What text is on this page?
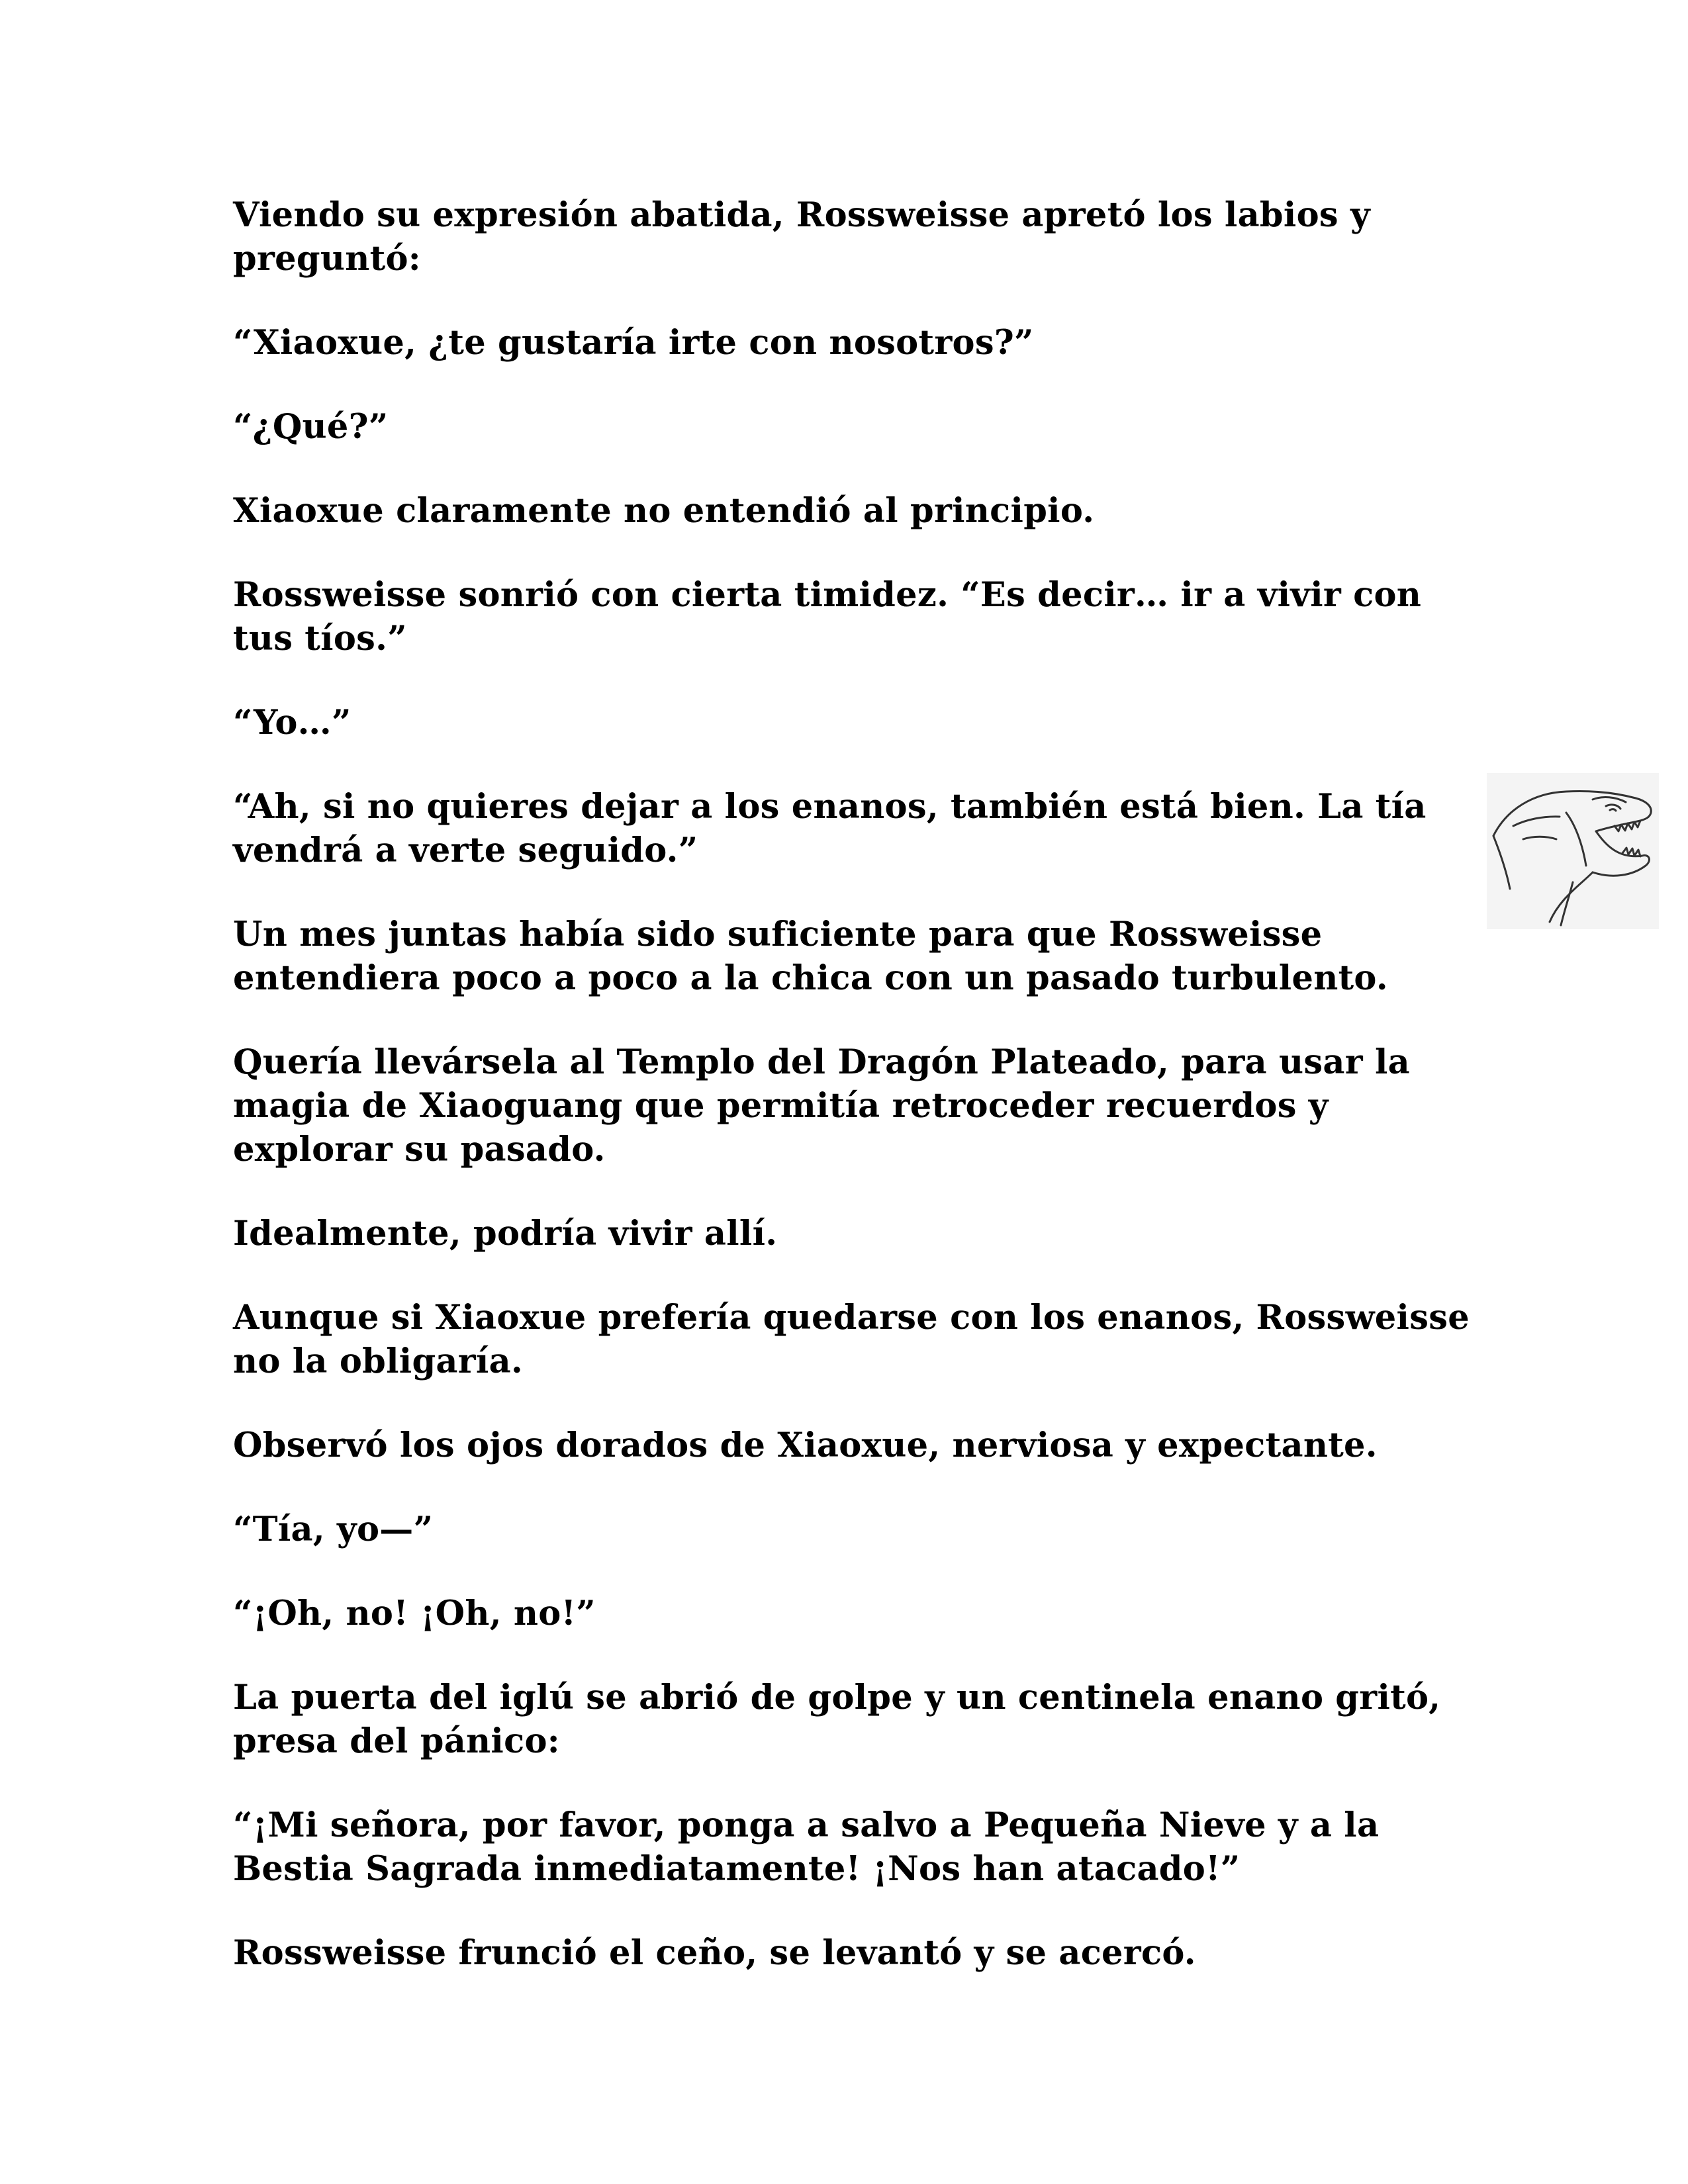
Viendo su expresión abatida, Rossweisse apretó los labios y preguntó:

“Xiaoxue, ¿te gustaría irte con nosotros?”

“¿Qué?”

Xiaoxue claramente no entendió al principio.

Rossweisse sonrió con cierta timidez. “Es decir… ir a vivir con tus tíos.”

“Yo…”

“Ah, si no quieres dejar a los enanos, también está bien. La tía vendrá a verte seguido.”

Un mes juntas había sido suficiente para que Rossweisse entendiera poco a poco a la chica con un pasado turbulento.

Quería llevársela al Templo del Dragón Plateado, para usar la magia de Xiaoguang que permitía retroceder recuerdos y explorar su pasado.

Idealmente, podría vivir allí.

Aunque si Xiaoxue prefería quedarse con los enanos, Rossweisse no la obligaría.

Observó los ojos dorados de Xiaoxue, nerviosa y expectante.

“Tía, yo—”

“¡Oh, no! ¡Oh, no!”

La puerta del iglú se abrió de golpe y un centinela enano gritó, presa del pánico:

“¡Mi señora, por favor, ponga a salvo a Pequeña Nieve y a la Bestia Sagrada inmediatamente! ¡Nos han atacado!”

Rossweisse frunció el ceño, se levantó y se acercó.
